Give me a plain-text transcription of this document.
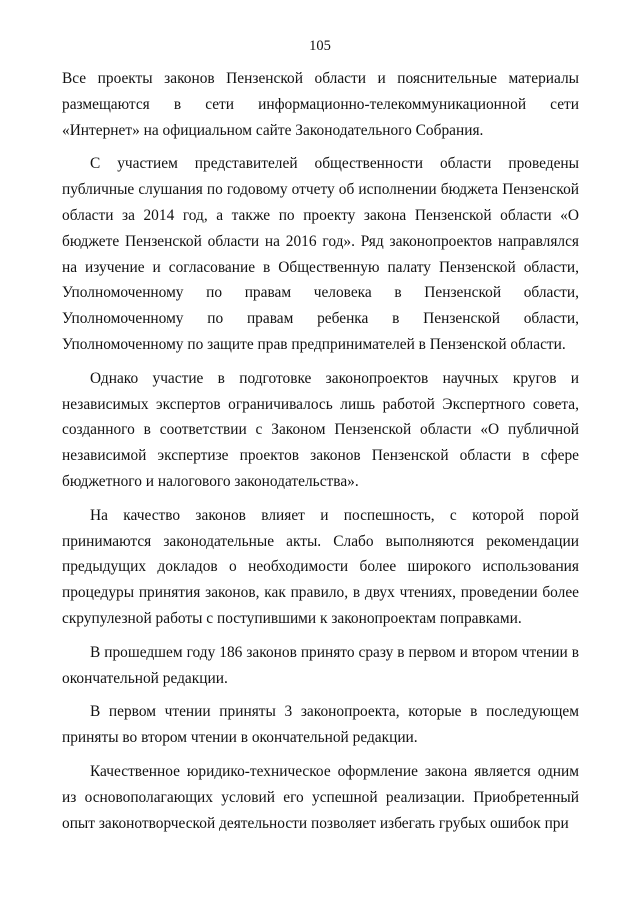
105

Все проекты законов Пензенской области и пояснительные материалы размещаются в сети информационно-телекоммуникационной сети «Интернет» на официальном сайте Законодательного Собрания.

С участием представителей общественности области проведены публичные слушания по годовому отчету об исполнении бюджета Пензенской области за 2014 год, а также по проекту закона Пензенской области «О бюджете Пензенской области на 2016 год». Ряд законопроектов направлялся на изучение и согласование в Общественную палату Пензенской области, Уполномоченному по правам человека в Пензенской области, Уполномоченному по правам ребенка в Пензенской области, Уполномоченному по защите прав предпринимателей в Пензенской области.

Однако участие в подготовке законопроектов научных кругов и независимых экспертов ограничивалось лишь работой Экспертного совета, созданного в соответствии с Законом Пензенской области «О публичной независимой экспертизе проектов законов Пензенской области в сфере бюджетного и налогового законодательства».

На качество законов влияет и поспешность, с которой порой принимаются законодательные акты. Слабо выполняются рекомендации предыдущих докладов о необходимости более широкого использования процедуры принятия законов, как правило, в двух чтениях, проведении более скрупулезной работы с поступившими к законопроектам поправками.

В прошедшем году 186 законов принято сразу в первом и втором чтении в окончательной редакции.

В первом чтении приняты 3 законопроекта, которые в последующем приняты во втором чтении в окончательной редакции.

Качественное юридико-техническое оформление закона является одним из основополагающих условий его успешной реализации. Приобретенный опыт законотворческой деятельности позволяет избегать грубых ошибок при
